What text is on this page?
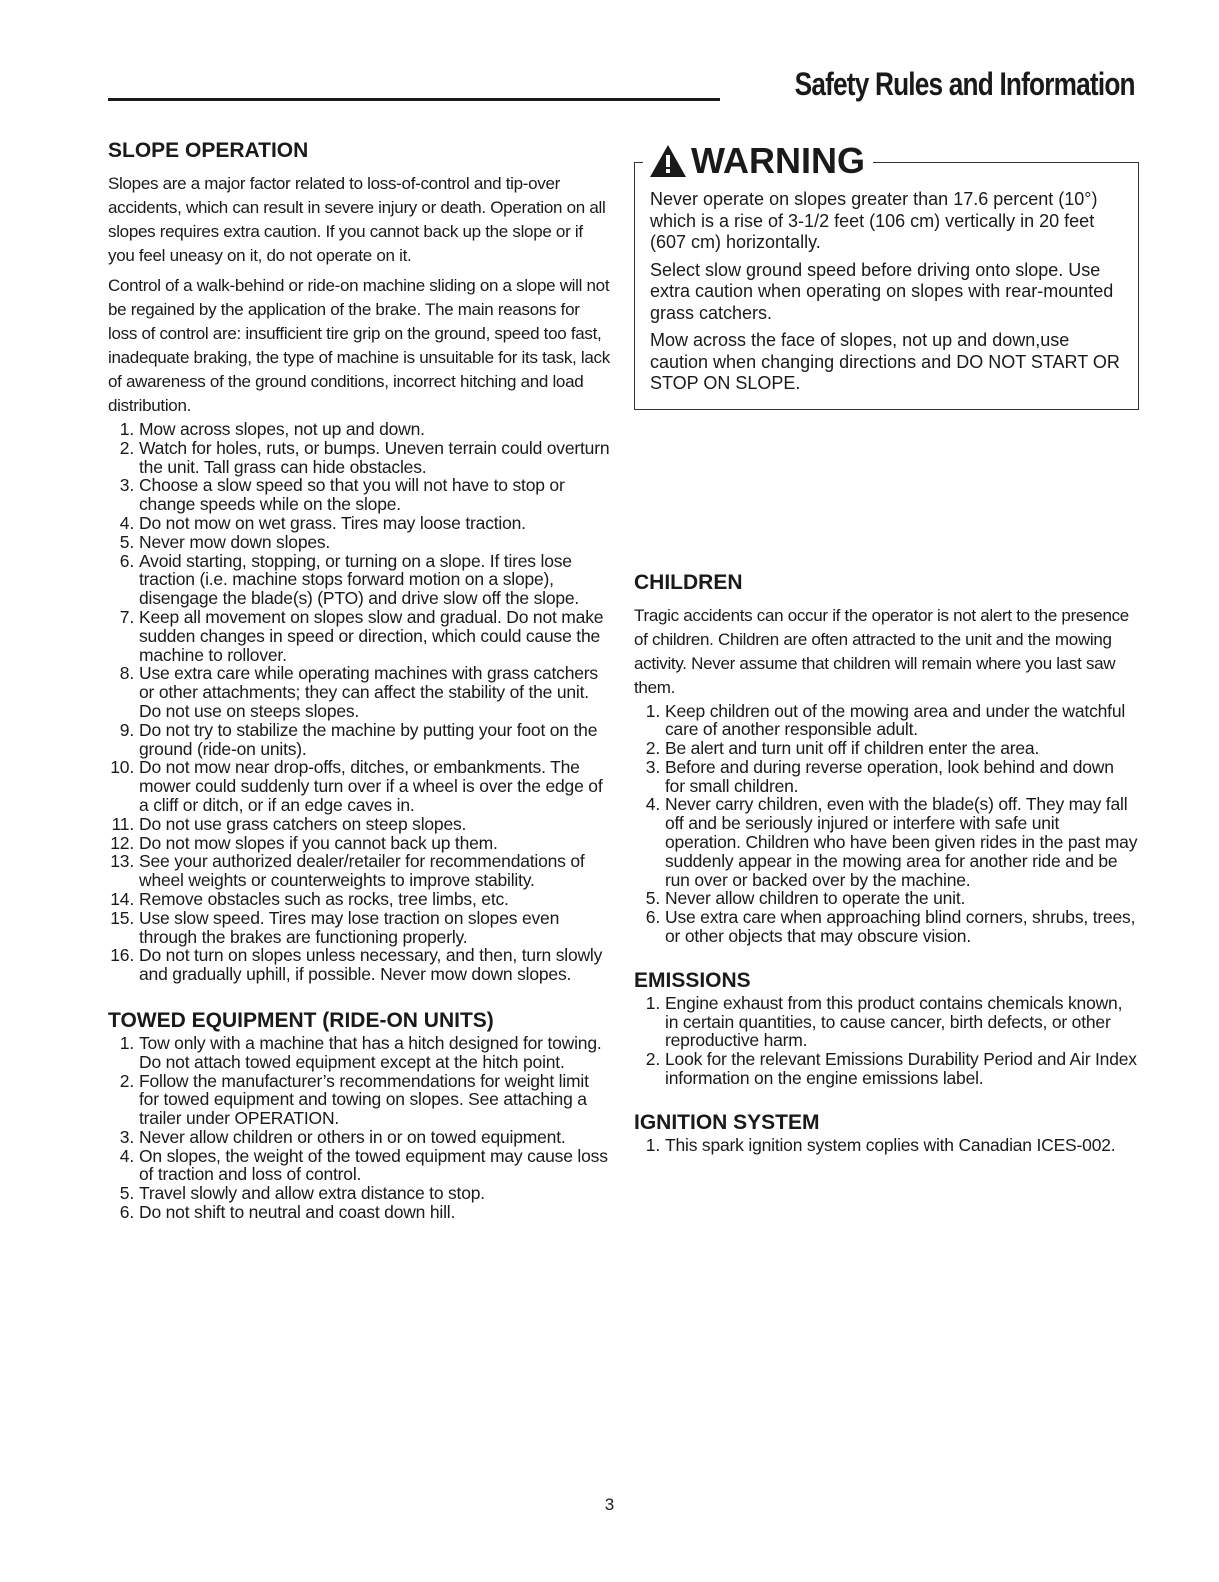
Safety Rules and Information
SLOPE OPERATION

Slopes are a major factor related to loss-of-control and tip-over accidents, which can result in severe injury or death. Operation on all slopes requires extra caution. If you cannot back up the slope or if you feel uneasy on it, do not operate on it.

Control of a walk-behind or ride-on machine sliding on a slope will not be regained by the application of the brake. The main reasons for loss of control are: insufficient tire grip on the ground, speed too fast, inadequate braking, the type of machine is unsuitable for its task, lack of awareness of the ground conditions, incorrect hitching and load distribution.

1. Mow across slopes, not up and down.
2. Watch for holes, ruts, or bumps. Uneven terrain could overturn the unit. Tall grass can hide obstacles.
3. Choose a slow speed so that you will not have to stop or change speeds while on the slope.
4. Do not mow on wet grass. Tires may loose traction.
5. Never mow down slopes.
6. Avoid starting, stopping, or turning on a slope. If tires lose traction (i.e. machine stops forward motion on a slope), disengage the blade(s) (PTO) and drive slow off the slope.
7. Keep all movement on slopes slow and gradual. Do not make sudden changes in speed or direction, which could cause the machine to rollover.
8. Use extra care while operating machines with grass catchers or other attachments; they can affect the stability of the unit. Do not use on steeps slopes.
9. Do not try to stabilize the machine by putting your foot on the ground (ride-on units).
10. Do not mow near drop-offs, ditches, or embankments. The mower could suddenly turn over if a wheel is over the edge of a cliff or ditch, or if an edge caves in.
11. Do not use grass catchers on steep slopes.
12. Do not mow slopes if you cannot back up them.
13. See your authorized dealer/retailer for recommendations of wheel weights or counterweights to improve stability.
14. Remove obstacles such as rocks, tree limbs, etc.
15. Use slow speed. Tires may lose traction on slopes even through the brakes are functioning properly.
16. Do not turn on slopes unless necessary, and then, turn slowly and gradually uphill, if possible. Never mow down slopes.
TOWED EQUIPMENT (RIDE-ON UNITS)
1. Tow only with a machine that has a hitch designed for towing. Do not attach towed equipment except at the hitch point.
2. Follow the manufacturer’s recommendations for weight limit for towed equipment and towing on slopes. See attaching a trailer under OPERATION.
3. Never allow children or others in or on towed equipment.
4. On slopes, the weight of the towed equipment may cause loss of traction and loss of control.
5. Travel slowly and allow extra distance to stop.
6. Do not shift to neutral and coast down hill.
WARNING

Never operate on slopes greater than 17.6 percent (10°) which is a rise of 3-1/2 feet (106 cm) vertically in 20 feet (607 cm) horizontally.

Select slow ground speed before driving onto slope. Use extra caution when operating on slopes with rear-mounted grass catchers.

Mow across the face of slopes, not up and down,use caution when changing directions and DO NOT START OR STOP ON SLOPE.

CHILDREN

Tragic accidents can occur if the operator is not alert to the presence of children. Children are often attracted to the unit and the mowing activity. Never assume that children will remain where you last saw them.

1. Keep children out of the mowing area and under the watchful care of another responsible adult.
2. Be alert and turn unit off if children enter the area.
3. Before and during reverse operation, look behind and down for small children.
4. Never carry children, even with the blade(s) off. They may fall off and be seriously injured or interfere with safe unit operation. Children who have been given rides in the past may suddenly appear in the mowing area for another ride and be run over or backed over by the machine.
5. Never allow children to operate the unit.
6. Use extra care when approaching blind corners, shrubs, trees, or other objects that may obscure vision.
EMISSIONS
1. Engine exhaust from this product contains chemicals known, in certain quantities, to cause cancer, birth defects, or other reproductive harm.
2. Look for the relevant Emissions Durability Period and Air Index information on the engine emissions label.
IGNITION SYSTEM
1. This spark ignition system coplies with Canadian ICES-002.
3
